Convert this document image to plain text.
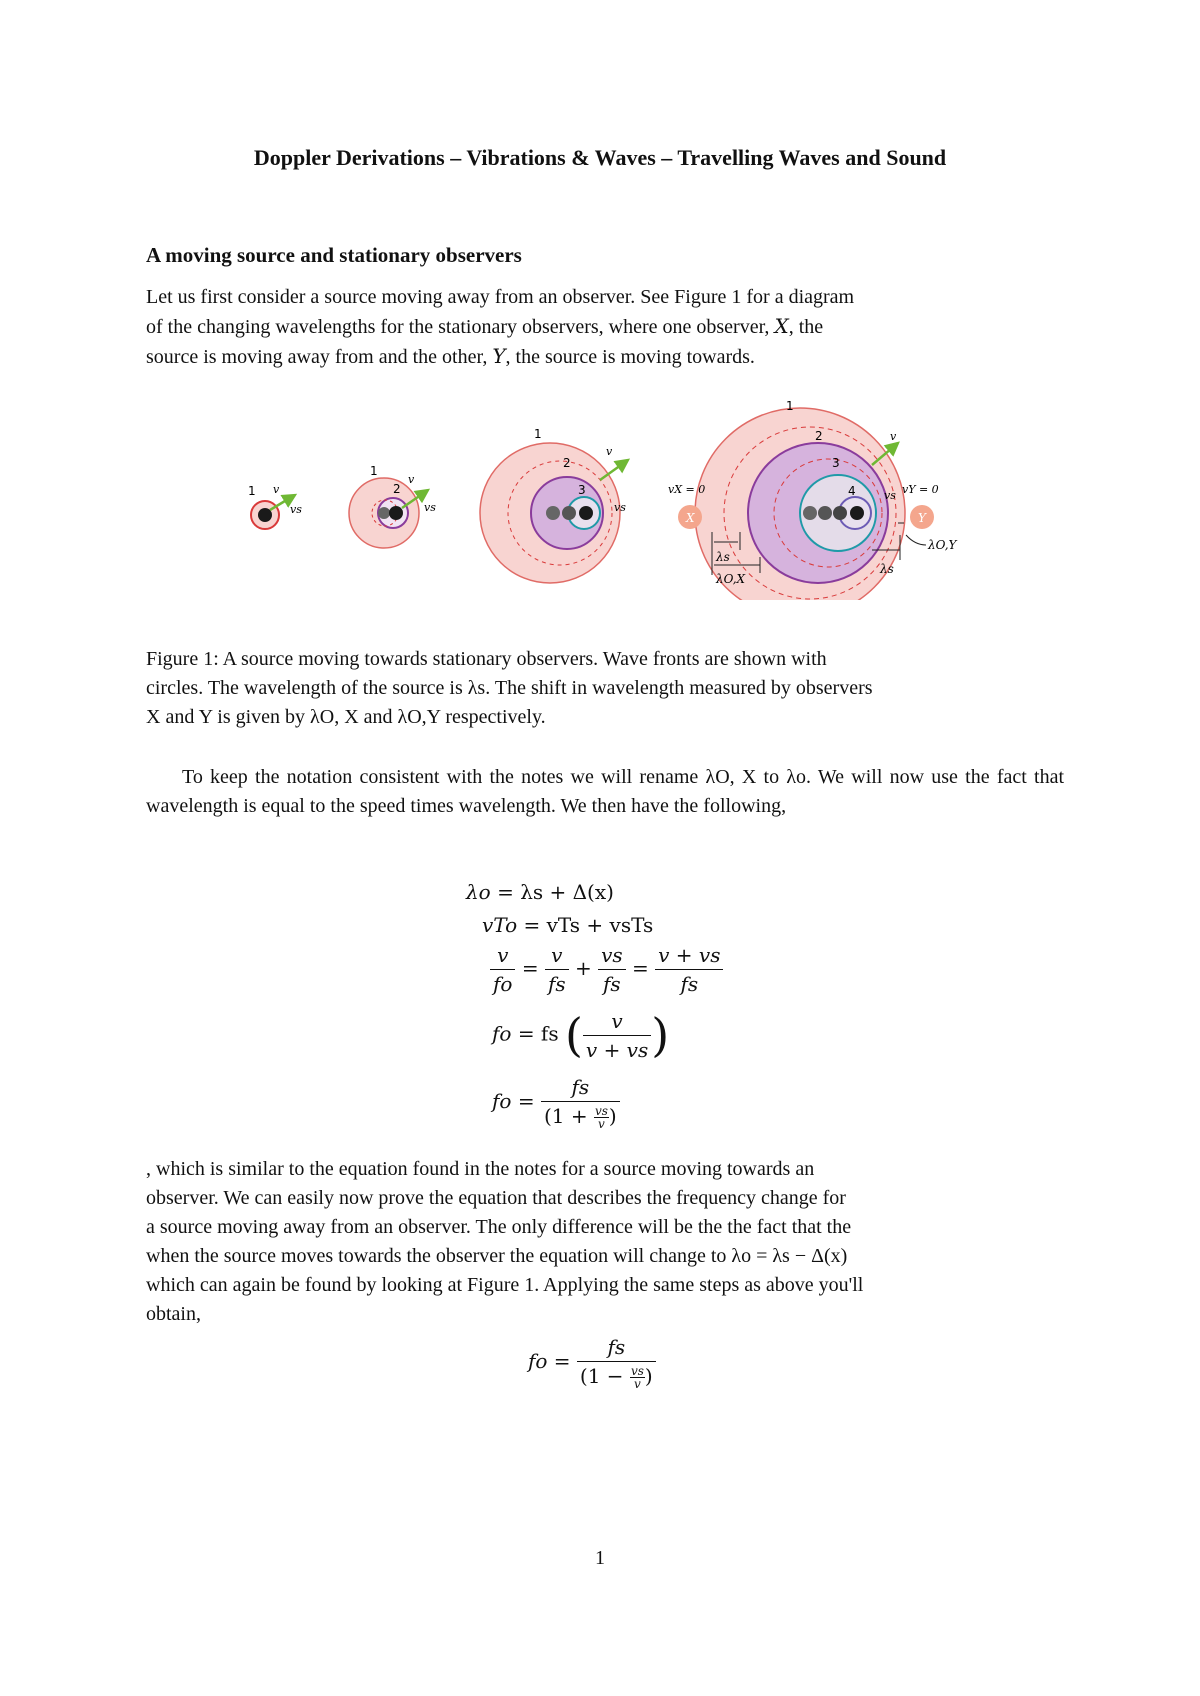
Doppler Derivations – Vibrations & Waves – Travelling Waves and Sound
A moving source and stationary observers
Let us first consider a source moving away from an observer. See Figure 1 for a diagram
of the changing wavelengths for the stationary observers, where one observer, X, the
source is moving away from and the other, Y, the source is moving towards.
1 v
vs
1
2
v
vs
1
2
3
v
vs
1
2
3
4
v
vs
X
vX = 0
Y
vY = 0
λs
λO,X
λs
λO,Y
Figure 1: A source moving towards stationary observers. Wave fronts are shown with
circles. The wavelength of the source is λs. The shift in wavelength measured by observers
X and Y is given by λO, X and λO,Y respectively.
To keep the notation consistent with the notes we will rename λO, X to λo. We will now use the fact that wavelength is equal to the speed times wavelength. We then have the following,
λo = λs + Δ(x)
vTo = vTs + vsTs
$\frac{v}{fo} = \frac{v}{fs} + \frac{vs}{fs} = \frac{v + vs}{fs}$
fo = fs ( $\frac{v}{v + vs}$ )
fo = $\frac{fs}{(1 + \frac{vs}{v} )}$
, which is similar to the equation found in the notes for a source moving towards an
observer. We can easily now prove the equation that describes the frequency change for
a source moving away from an observer. The only difference will be the the fact that the
when the source moves towards the observer the equation will change to λo = λs − Δ(x)
which can again be found by looking at Figure 1. Applying the same steps as above you'll
obtain,
fo = $\frac{fs}{(1 - \frac{vs}{v} )}$
1
